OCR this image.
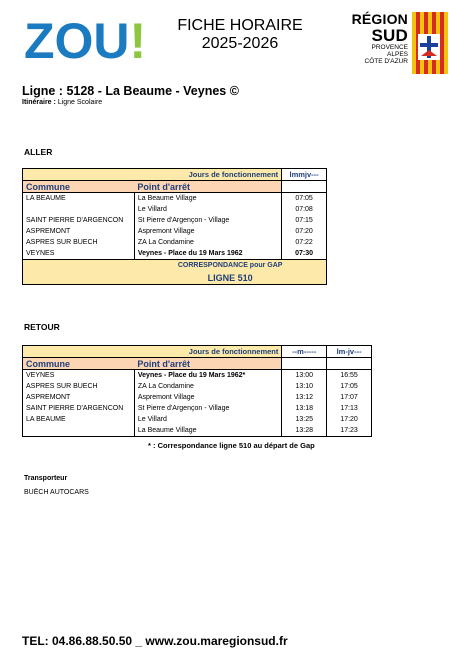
ZOU!	FICHE HORAIRE
2025-2026
RÉGION
SUD
PROVENCE
ALPES
CÔTE D'AZUR
Ligne : 5128 - La Beaume - Veynes ©
Itinéraire : Ligne Scolaire
ALLER
	Jours de fonctionnement	lmmjv---
Commune	Point d'arrêt	
LA BEAUME	La Beaume Village	07:05
	Le Villard	07:08
SAINT PIERRE D'ARGENCON	St Pierre d'Argençon - Village	07:15
ASPREMONT	Aspremont Village	07:20
ASPRES SUR BUECH	ZA La Condamine	07:22
VEYNES	Veynes - Place du 19 Mars 1962	07:30
	CORRESPONDANCE pour GAP	
	LIGNE 510	
RETOUR
	Jours de fonctionnement	--m-----	lm-jv---
Commune	Point d'arrêt		
VEYNES	Veynes - Place du 19 Mars 1962*	13:00	16:55
ASPRES SUR BUECH	ZA La Condamine	13:10	17:05
ASPREMONT	Aspremont Village	13:12	17:07
SAINT PIERRE D'ARGENCON	St Pierre d'Argençon - Village	13:18	17:13
LA BEAUME	Le Villard	13:25	17:20
	La Beaume Village	13:28	17:23
* : Correspondance ligne 510 au départ de Gap
Transporteur
BUËCH AUTOCARS
TEL: 04.86.88.50.50 _ www.zou.maregionsud.fr
